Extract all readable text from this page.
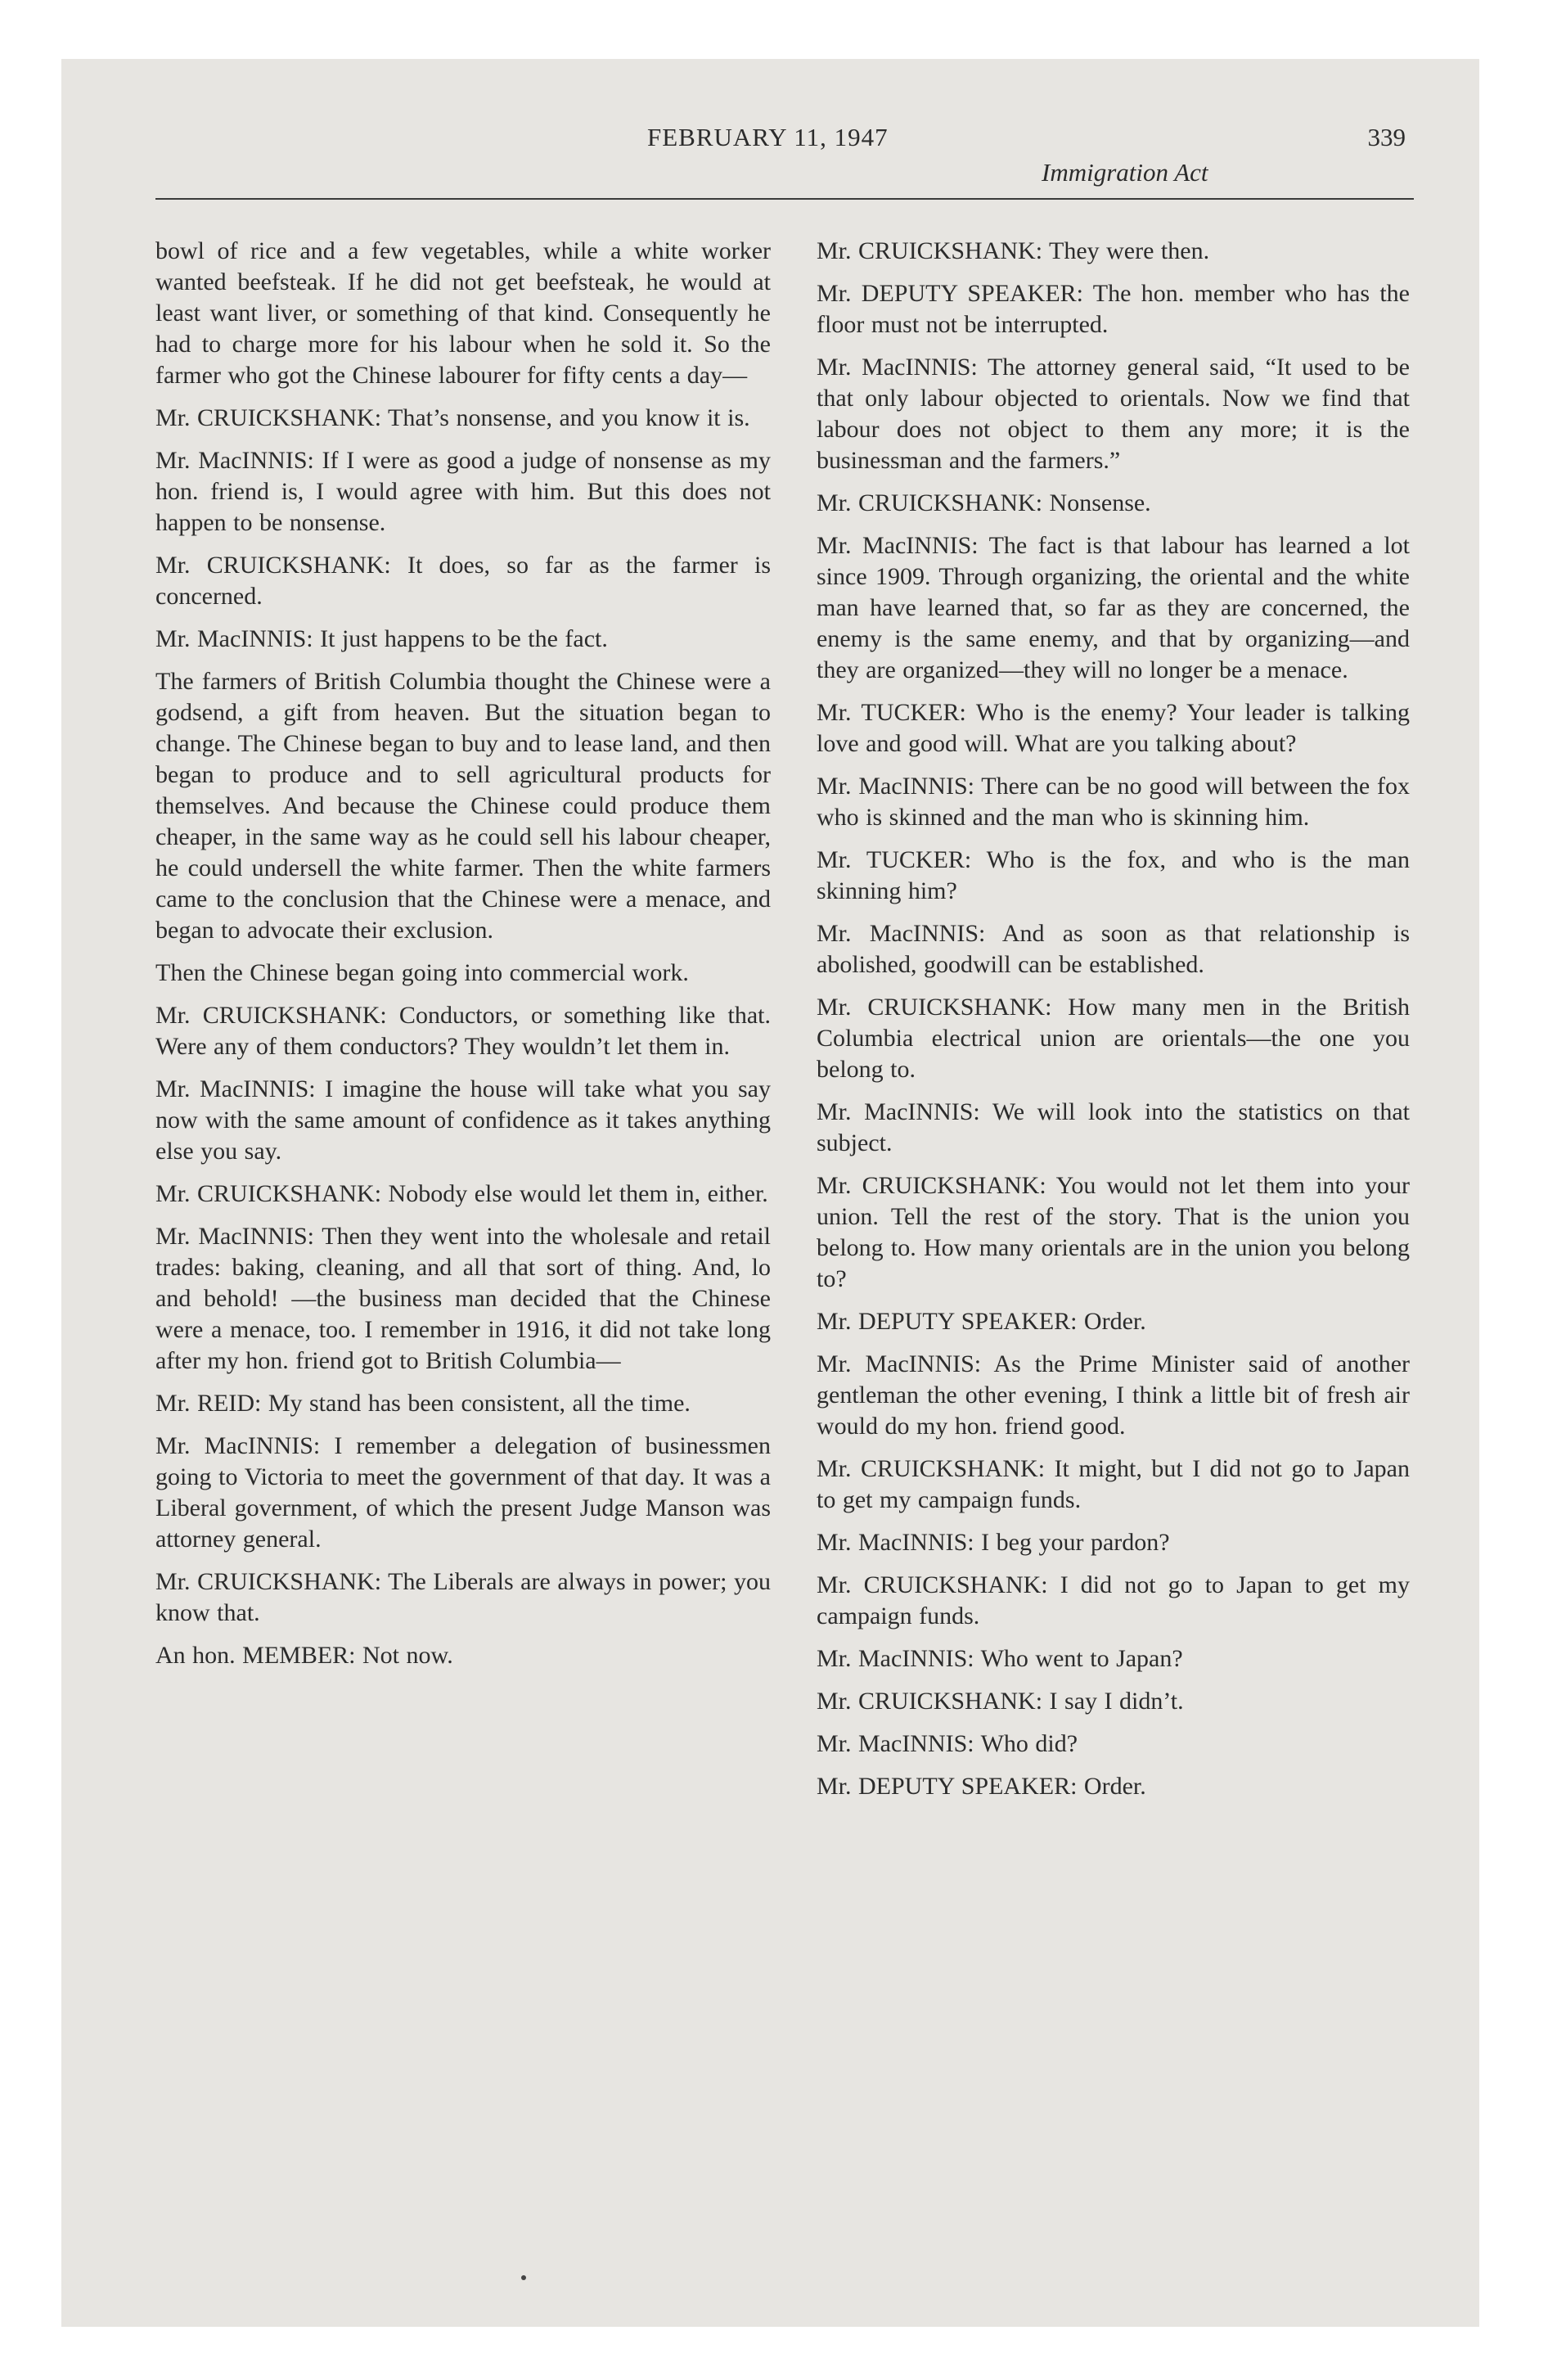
FEBRUARY 11, 1947
Immigration Act
339

bowl of rice and a few vegetables, while a white worker wanted beefsteak. If he did not get beefsteak, he would at least want liver, or something of that kind. Consequently he had to charge more for his labour when he sold it. So the farmer who got the Chinese labourer for fifty cents a day—

Mr. CRUICKSHANK: That’s nonsense, and you know it is.

Mr. MacINNIS: If I were as good a judge of nonsense as my hon. friend is, I would agree with him. But this does not happen to be nonsense.

Mr. CRUICKSHANK: It does, so far as the farmer is concerned.

Mr. MacINNIS: It just happens to be the fact.

The farmers of British Columbia thought the Chinese were a godsend, a gift from heaven. But the situation began to change. The Chinese began to buy and to lease land, and then began to produce and to sell agricultural products for themselves. And because the Chinese could produce them cheaper, in the same way as he could sell his labour cheaper, he could undersell the white farmer. Then the white farmers came to the conclusion that the Chinese were a menace, and began to advocate their exclusion.

Then the Chinese began going into commercial work.

Mr. CRUICKSHANK: Conductors, or something like that. Were any of them conductors? They wouldn’t let them in.

Mr. MacINNIS: I imagine the house will take what you say now with the same amount of confidence as it takes anything else you say.

Mr. CRUICKSHANK: Nobody else would let them in, either.

Mr. MacINNIS: Then they went into the wholesale and retail trades: baking, cleaning, and all that sort of thing. And, lo and behold! —the business man decided that the Chinese were a menace, too. I remember in 1916, it did not take long after my hon. friend got to British Columbia—

Mr. REID: My stand has been consistent, all the time.

Mr. MacINNIS: I remember a delegation of businessmen going to Victoria to meet the government of that day. It was a Liberal government, of which the present Judge Manson was attorney general.

Mr. CRUICKSHANK: The Liberals are always in power; you know that.

An hon. MEMBER: Not now.

Mr. CRUICKSHANK: They were then.

Mr. DEPUTY SPEAKER: The hon. member who has the floor must not be interrupted.

Mr. MacINNIS: The attorney general said, “It used to be that only labour objected to orientals. Now we find that labour does not object to them any more; it is the businessman and the farmers.”

Mr. CRUICKSHANK: Nonsense.

Mr. MacINNIS: The fact is that labour has learned a lot since 1909. Through organizing, the oriental and the white man have learned that, so far as they are concerned, the enemy is the same enemy, and that by organizing—and they are organized—they will no longer be a menace.

Mr. TUCKER: Who is the enemy? Your leader is talking love and good will. What are you talking about?

Mr. MacINNIS: There can be no good will between the fox who is skinned and the man who is skinning him.

Mr. TUCKER: Who is the fox, and who is the man skinning him?

Mr. MacINNIS: And as soon as that relationship is abolished, goodwill can be established.

Mr. CRUICKSHANK: How many men in the British Columbia electrical union are orientals—the one you belong to.

Mr. MacINNIS: We will look into the statistics on that subject.

Mr. CRUICKSHANK: You would not let them into your union. Tell the rest of the story. That is the union you belong to. How many orientals are in the union you belong to?

Mr. DEPUTY SPEAKER: Order.

Mr. MacINNIS: As the Prime Minister said of another gentleman the other evening, I think a little bit of fresh air would do my hon. friend good.

Mr. CRUICKSHANK: It might, but I did not go to Japan to get my campaign funds.

Mr. MacINNIS: I beg your pardon?

Mr. CRUICKSHANK: I did not go to Japan to get my campaign funds.

Mr. MacINNIS: Who went to Japan?

Mr. CRUICKSHANK: I say I didn’t.

Mr. MacINNIS: Who did?

Mr. DEPUTY SPEAKER: Order.
